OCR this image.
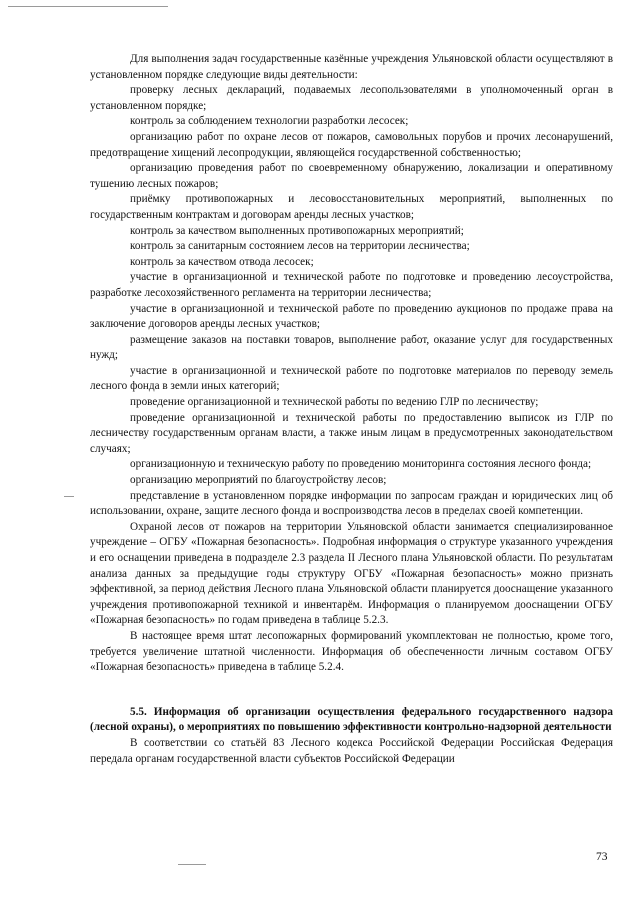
Для выполнения задач государственные казённые учреждения Ульяновской области осуществляют в установленном порядке следующие виды деятельности:

проверку лесных деклараций, подаваемых лесопользователями в уполномоченный орган в установленном порядке;

контроль за соблюдением технологии разработки лесосек;

организацию работ по охране лесов от пожаров, самовольных порубов и прочих лесонарушений, предотвращение хищений лесопродукции, являющейся государственной собственностью;

организацию проведения работ по своевременному обнаружению, локализации и оперативному тушению лесных пожаров;

приёмку противопожарных и лесовосстановительных мероприятий, выполненных по государственным контрактам и договорам аренды лесных участков;

контроль за качеством выполненных противопожарных мероприятий;

контроль за санитарным состоянием лесов на территории лесничества;

контроль за качеством отвода лесосек;

участие в организационной и технической работе по подготовке и проведению лесоустройства, разработке лесохозяйственного регламента на территории лесничества;

участие в организационной и технической работе по проведению аукционов по продаже права на заключение договоров аренды лесных участков;

размещение заказов на поставки товаров, выполнение работ, оказание услуг для государственных нужд;

участие в организационной и технической работе по подготовке материалов по переводу земель лесного фонда в земли иных категорий;

проведение организационной и технической работы по ведению ГЛР по лесничеству;

проведение организационной и технической работы по предоставлению выписок из ГЛР по лесничеству государственным органам власти, а также иным лицам в предусмотренных законодательством случаях;

организационную и техническую работу по проведению мониторинга состояния лесного фонда;

организацию мероприятий по благоустройству лесов;

представление в установленном порядке информации по запросам граждан и юридических лиц об использовании, охране, защите лесного фонда и воспроизводства лесов в пределах своей компетенции.

Охраной лесов от пожаров на территории Ульяновской области занимается специализированное учреждение – ОГБУ «Пожарная безопасность». Подробная информация о структуре указанного учреждения и его оснащении приведена в подразделе 2.3 раздела II Лесного плана Ульяновской области. По результатам анализа данных за предыдущие годы структуру ОГБУ «Пожарная безопасность» можно признать эффективной, за период действия Лесного плана Ульяновской области планируется дооснащение указанного учреждения противопожарной техникой и инвентарём. Информация о планируемом дооснащении ОГБУ «Пожарная безопасность» по годам приведена в таблице 5.2.3.

В настоящее время штат лесопожарных формирований укомплектован не полностью, кроме того, требуется увеличение штатной численности. Информация об обеспеченности личным составом ОГБУ «Пожарная безопасность» приведена в таблице 5.2.4.

5.5. Информация об организации осуществления федерального государственного надзора (лесной охраны), о мероприятиях по повышению эффективности контрольно-надзорной деятельности

В соответствии со статьёй 83 Лесного кодекса Российской Федерации Российская Федерация передала органам государственной власти субъектов Российской Федерации

73
